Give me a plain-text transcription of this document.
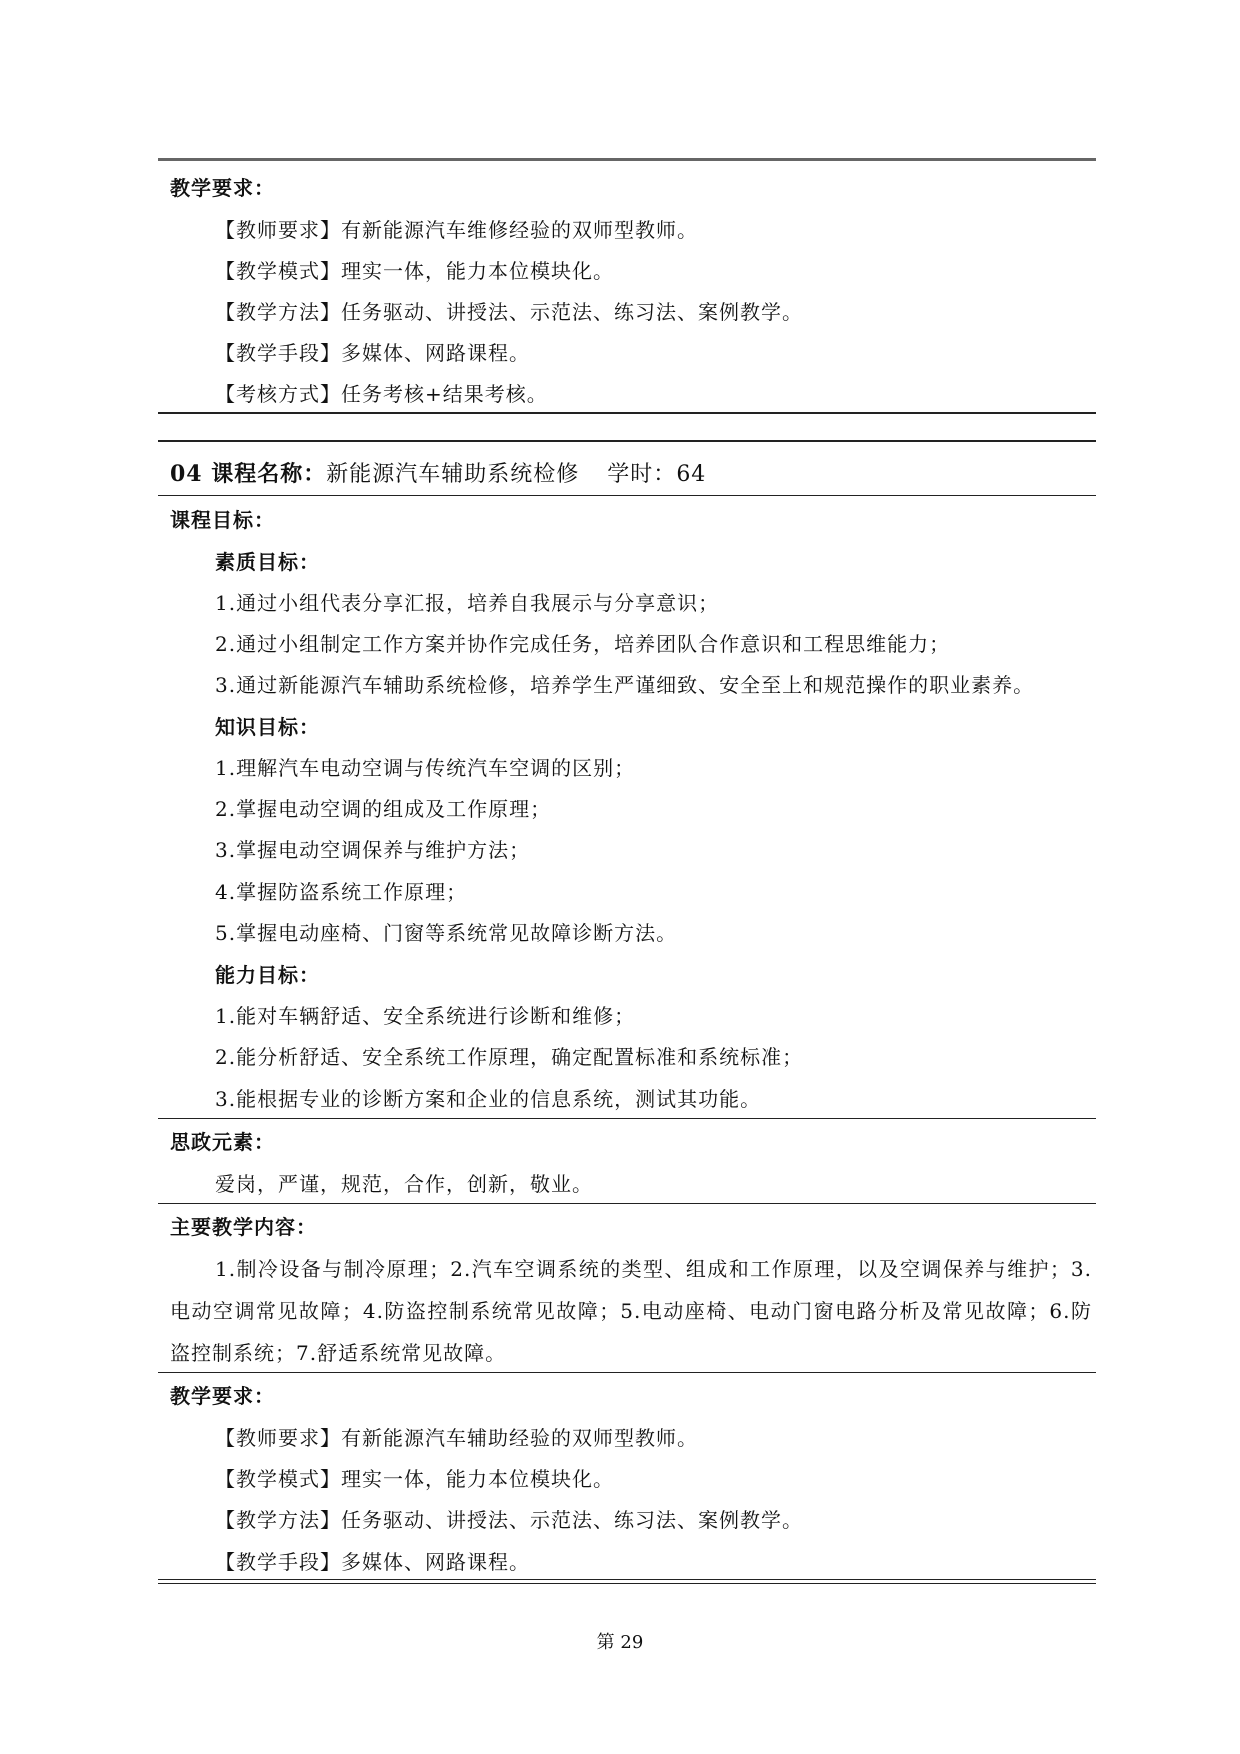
教学要求：
【教师要求】有新能源汽车维修经验的双师型教师。
【教学模式】理实一体，能力本位模块化。
【教学方法】任务驱动、讲授法、示范法、练习法、案例教学。
【教学手段】多媒体、网路课程。
【考核方式】任务考核+结果考核。
04 课程名称：新能源汽车辅助系统检修 学时：64
课程目标：
素质目标：
1.通过小组代表分享汇报，培养自我展示与分享意识；
2.通过小组制定工作方案并协作完成任务，培养团队合作意识和工程思维能力；
3.通过新能源汽车辅助系统检修，培养学生严谨细致、安全至上和规范操作的职业素养。
知识目标：
1.理解汽车电动空调与传统汽车空调的区别；
2.掌握电动空调的组成及工作原理；
3.掌握电动空调保养与维护方法；
4.掌握防盗系统工作原理；
5.掌握电动座椅、门窗等系统常见故障诊断方法。
能力目标：
1.能对车辆舒适、安全系统进行诊断和维修；
2.能分析舒适、安全系统工作原理，确定配置标准和系统标准；
3.能根据专业的诊断方案和企业的信息系统，测试其功能。
思政元素：
爱岗，严谨，规范，合作，创新，敬业。
主要教学内容：
1.制冷设备与制冷原理；2.汽车空调系统的类型、组成和工作原理，以及空调保养与维护；3.电动空调常见故障；4.防盗控制系统常见故障；5.电动座椅、电动门窗电路分析及常见故障；6.防盗控制系统；7.舒适系统常见故障。
教学要求：
【教师要求】有新能源汽车辅助经验的双师型教师。
【教学模式】理实一体，能力本位模块化。
【教学方法】任务驱动、讲授法、示范法、练习法、案例教学。
【教学手段】多媒体、网路课程。
第 29
